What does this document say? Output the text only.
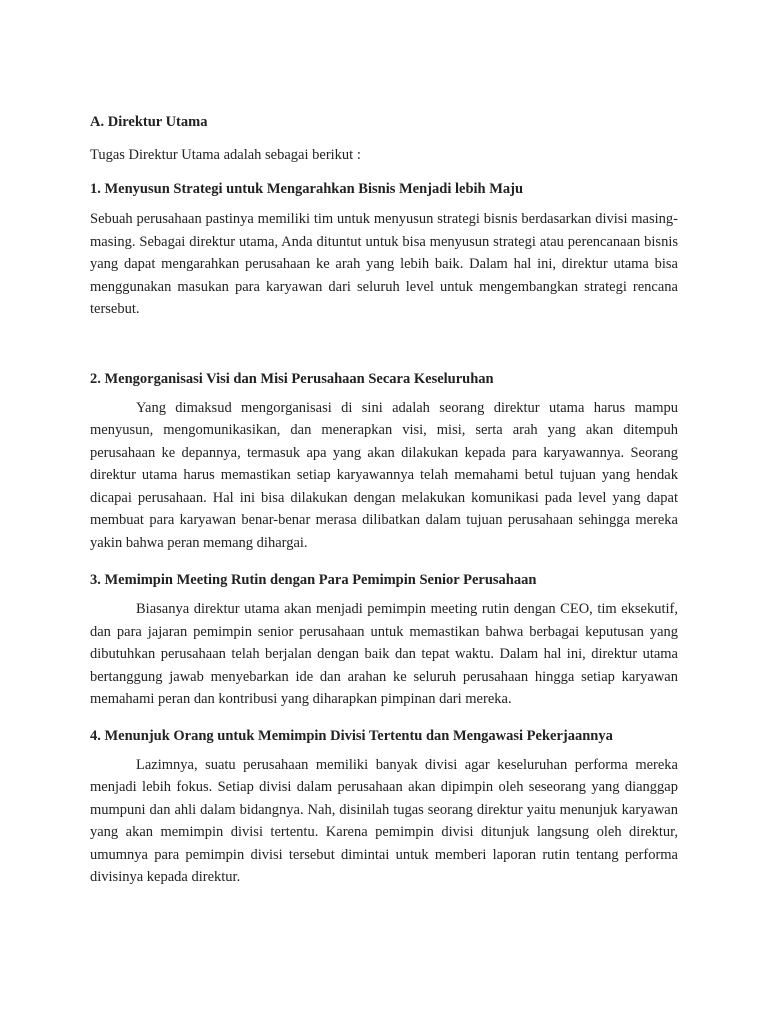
A. Direktur Utama

Tugas Direktur Utama adalah sebagai berikut :

1. Menyusun Strategi untuk Mengarahkan Bisnis Menjadi lebih Maju

Sebuah perusahaan pastinya memiliki tim untuk menyusun strategi bisnis berdasarkan divisi masing-masing. Sebagai direktur utama, Anda dituntut untuk bisa menyusun strategi atau perencanaan bisnis yang dapat mengarahkan perusahaan ke arah yang lebih baik. Dalam hal ini, direktur utama bisa menggunakan masukan para karyawan dari seluruh level untuk mengembangkan strategi rencana tersebut.

2. Mengorganisasi Visi dan Misi Perusahaan Secara Keseluruhan

Yang dimaksud mengorganisasi di sini adalah seorang direktur utama harus mampu menyusun, mengomunikasikan, dan menerapkan visi, misi, serta arah yang akan ditempuh perusahaan ke depannya, termasuk apa yang akan dilakukan kepada para karyawannya. Seorang direktur utama harus memastikan setiap karyawannya telah memahami betul tujuan yang hendak dicapai perusahaan. Hal ini bisa dilakukan dengan melakukan komunikasi pada level yang dapat membuat para karyawan benar-benar merasa dilibatkan dalam tujuan perusahaan sehingga mereka yakin bahwa peran memang dihargai.

3. Memimpin Meeting Rutin dengan Para Pemimpin Senior Perusahaan

Biasanya direktur utama akan menjadi pemimpin meeting rutin dengan CEO, tim eksekutif, dan para jajaran pemimpin senior perusahaan untuk memastikan bahwa berbagai keputusan yang dibutuhkan perusahaan telah berjalan dengan baik dan tepat waktu. Dalam hal ini, direktur utama bertanggung jawab menyebarkan ide dan arahan ke seluruh perusahaan hingga setiap karyawan memahami peran dan kontribusi yang diharapkan pimpinan dari mereka.

4. Menunjuk Orang untuk Memimpin Divisi Tertentu dan Mengawasi Pekerjaannya

Lazimnya, suatu perusahaan memiliki banyak divisi agar keseluruhan performa mereka menjadi lebih fokus. Setiap divisi dalam perusahaan akan dipimpin oleh seseorang yang dianggap mumpuni dan ahli dalam bidangnya. Nah, disinilah tugas seorang direktur yaitu menunjuk karyawan yang akan memimpin divisi tertentu. Karena pemimpin divisi ditunjuk langsung oleh direktur, umumnya para pemimpin divisi tersebut dimintai untuk memberi laporan rutin tentang performa divisinya kepada direktur.
